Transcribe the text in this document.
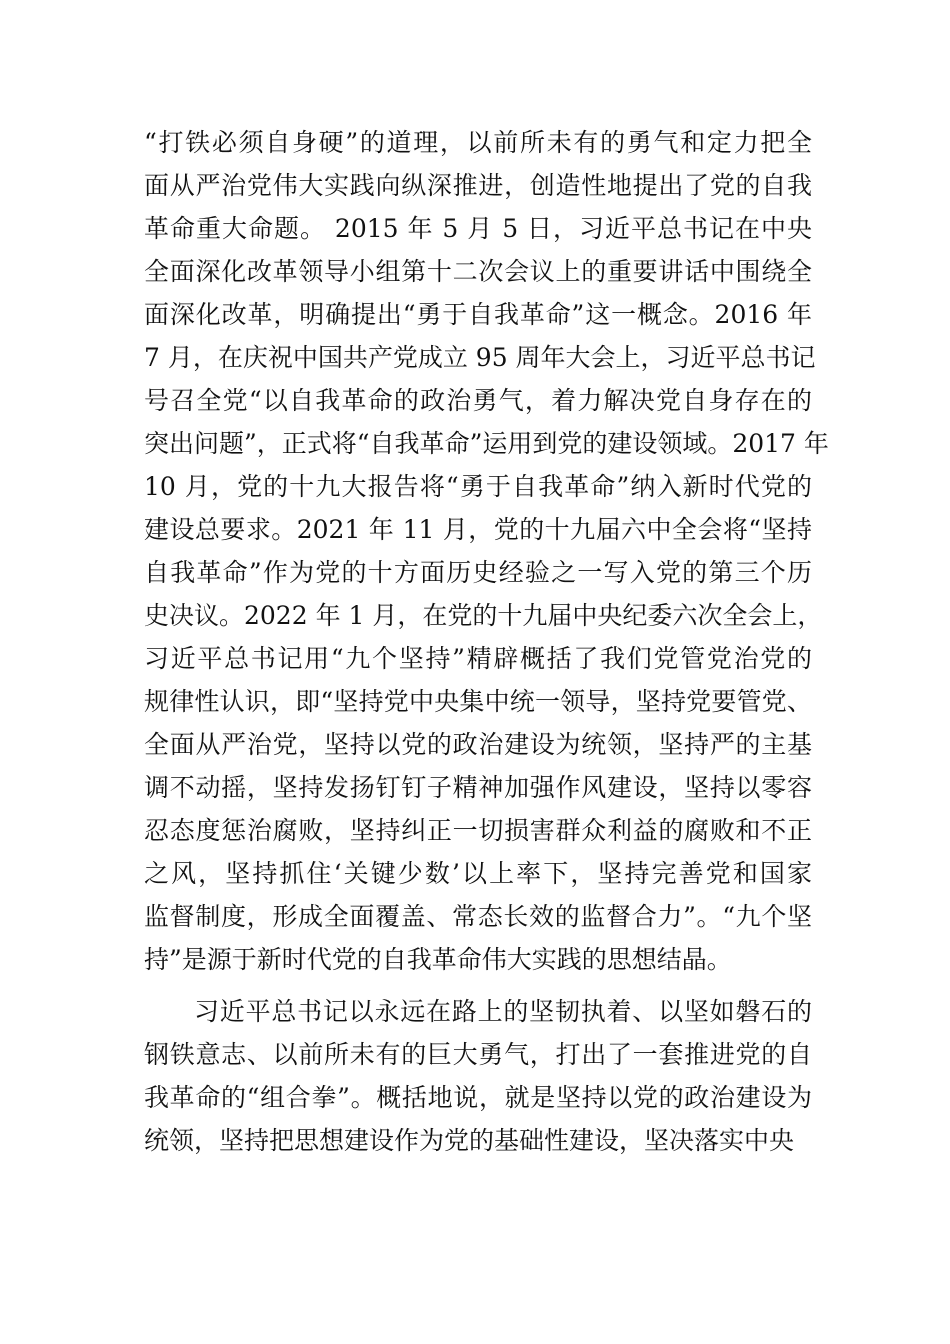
“打铁必须自身硬”的道理，以前所未有的勇气和定力把全
面从严治党伟大实践向纵深推进，创造性地提出了党的自我
革命重大命题。 2015 年 5 月 5 日，习近平总书记在中央
全面深化改革领导小组第十二次会议上的重要讲话中围绕全
面深化改革，明确提出“勇于自我革命”这一概念。2016 年
7 月，在庆祝中国共产党成立 95 周年大会上，习近平总书记
号召全党“以自我革命的政治勇气，着力解决党自身存在的
突出问题”，正式将“自我革命”运用到党的建设领域。2017 年
10 月，党的十九大报告将“勇于自我革命”纳入新时代党的
建设总要求。2021 年 11 月，党的十九届六中全会将“坚持
自我革命”作为党的十方面历史经验之一写入党的第三个历
史决议。2022 年 1 月，在党的十九届中央纪委六次全会上，
习近平总书记用“九个坚持”精辟概括了我们党管党治党的
规律性认识，即“坚持党中央集中统一领导，坚持党要管党、
全面从严治党，坚持以党的政治建设为统领，坚持严的主基
调不动摇，坚持发扬钉钉子精神加强作风建设，坚持以零容
忍态度惩治腐败，坚持纠正一切损害群众利益的腐败和不正
之风，坚持抓住‘关键少数’以上率下，坚持完善党和国家
监督制度，形成全面覆盖、常态长效的监督合力”。“九个坚
持”是源于新时代党的自我革命伟大实践的思想结晶。
习近平总书记以永远在路上的坚韧执着、以坚如磐石的
钢铁意志、以前所未有的巨大勇气，打出了一套推进党的自
我革命的“组合拳”。概括地说，就是坚持以党的政治建设为
统领，坚持把思想建设作为党的基础性建设，坚决落实中央
